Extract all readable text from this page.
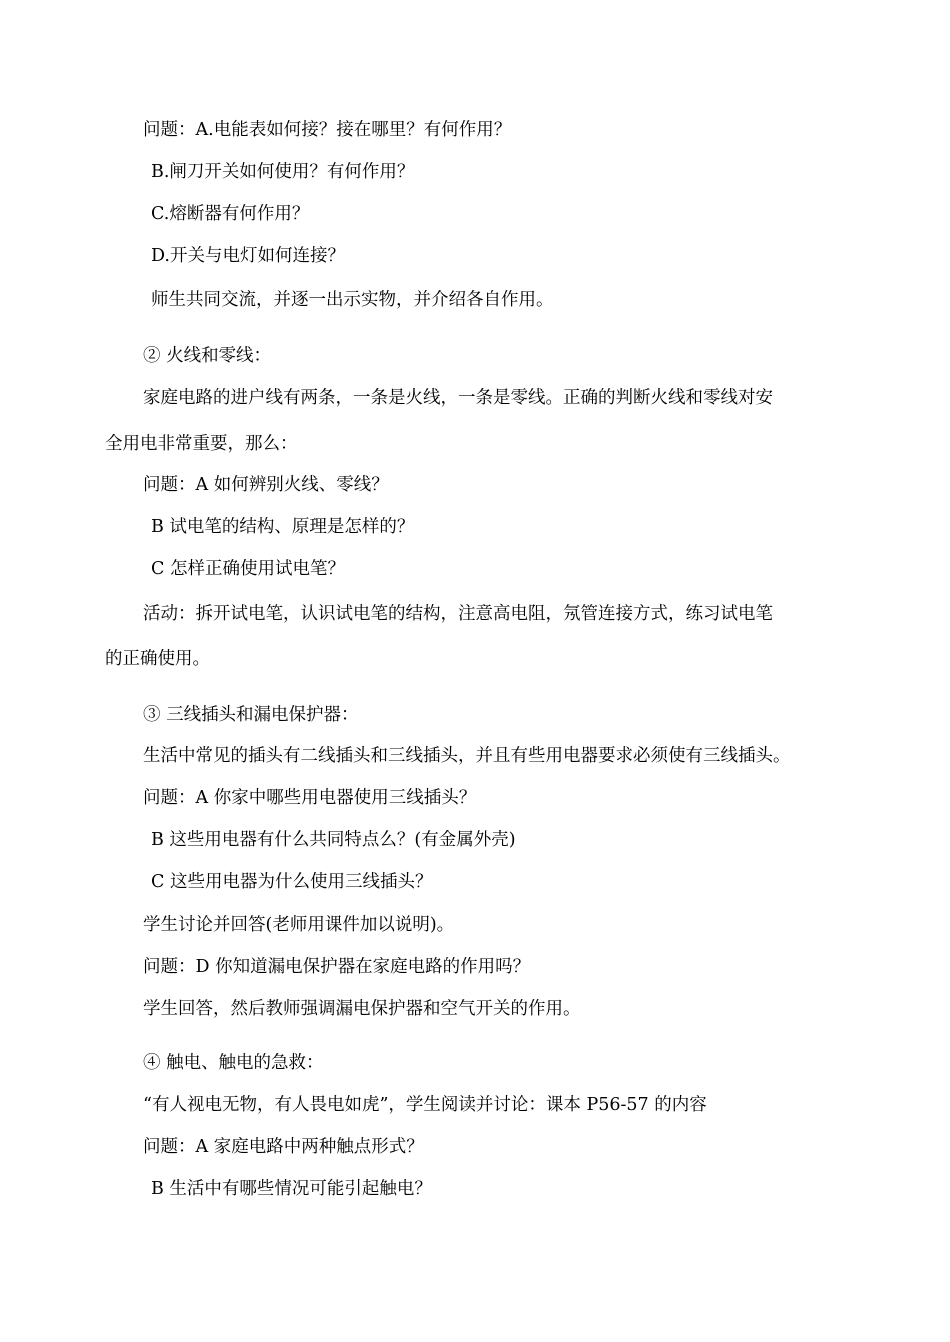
问题：A.电能表如何接？接在哪里？有何作用？
B.闸刀开关如何使用？有何作用？
C.熔断器有何作用？
D.开关与电灯如何连接？
师生共同交流，并逐一出示实物，并介绍各自作用。
② 火线和零线：
家庭电路的进户线有两条，一条是火线，一条是零线。正确的判断火线和零线对安
全用电非常重要，那么：
问题：A 如何辨别火线、零线？
B 试电笔的结构、原理是怎样的？
C 怎样正确使用试电笔？
活动：拆开试电笔，认识试电笔的结构，注意高电阻，氖管连接方式，练习试电笔
的正确使用。
③ 三线插头和漏电保护器：
生活中常见的插头有二线插头和三线插头，并且有些用电器要求必须使有三线插头。
问题：A 你家中哪些用电器使用三线插头？
B 这些用电器有什么共同特点么？(有金属外壳)
C 这些用电器为什么使用三线插头？
学生讨论并回答(老师用课件加以说明)。
问题：D 你知道漏电保护器在家庭电路的作用吗？
学生回答，然后教师强调漏电保护器和空气开关的作用。
④ 触电、触电的急救：
“有人视电无物，有人畏电如虎”，学生阅读并讨论：课本 P56-57 的内容
问题：A 家庭电路中两种触点形式？
B 生活中有哪些情况可能引起触电？
